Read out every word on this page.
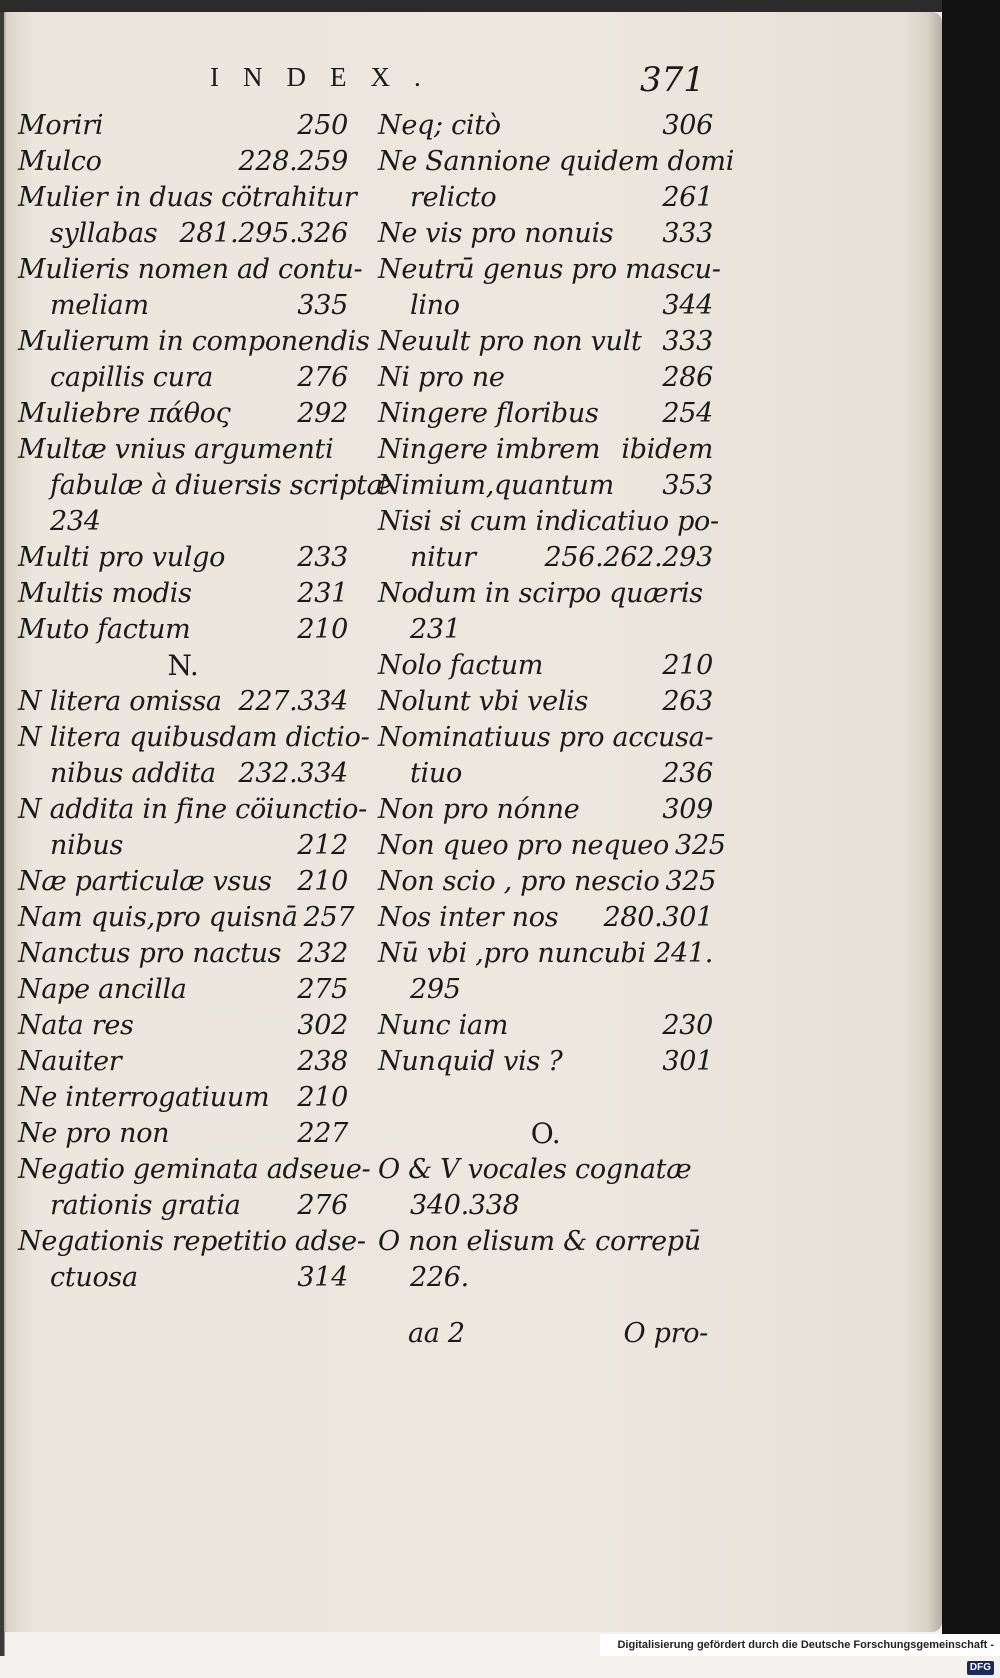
INDEX.	371
Moriri	250
Mulco	228.259
Mulier in duas cötrahitur
syllabas 281.295.326
Mulieris nomen ad contu-
meliam	335
Mulierum in componendis
capillis cura	276
Muliebre πάθος 292
Multæ vnius argumenti
fabulæ à diuersis scriptæ
234
Multi pro vulgo	233
Multis modis	231
Muto factum	210
N.
N litera omissa 227.334
N litera quibusdam dictio-
nibus addita 232.334
N addita in fine cöiunctio-
nibus	212
Næ particulæ vsus 210
Nam quis,pro quisnā 257
Nanctus pro nactus 232
Nape ancilla	275
Nata res	302
Nauiter	238
Ne interrogatiuum 210
Ne pro non	227
Negatio geminata adseue-
rationis gratia 276
Negationis repetitio adse-
ctuosa	314
Neq; citò	306
Ne Sannione quidem domi
relicto	261
Ne vis pro nonuis 333
Neutrū genus pro mascu-
lino	344
Neuult pro non vult 333
Ni pro ne	286
Ningere floribus 254
Ningere imbrem ibidem
Nimium,quantum 353
Nisi si cum indicatiuo po-
nitur	256.262.293
Nodum in scirpo quæris
231
Nolo factum	210
Nolunt vbi velis	263
Nominatiuus pro accusa-
tiuo	236
Non pro nónne	309
Non queo pro nequeo 325
Non scio , pro nescio 325
Nos inter nos 280.301
Nū vbi ,pro nuncubi 241.
295
Nunc iam	230
Nunquid vis ?	301
O.
O & V vocales cognatæ
340.338
O non elisum & correpū
226.
aa 2	O pro-
Digitalisierung gefördert durch die Deutsche Forschungsgemeinschaft -DFG
